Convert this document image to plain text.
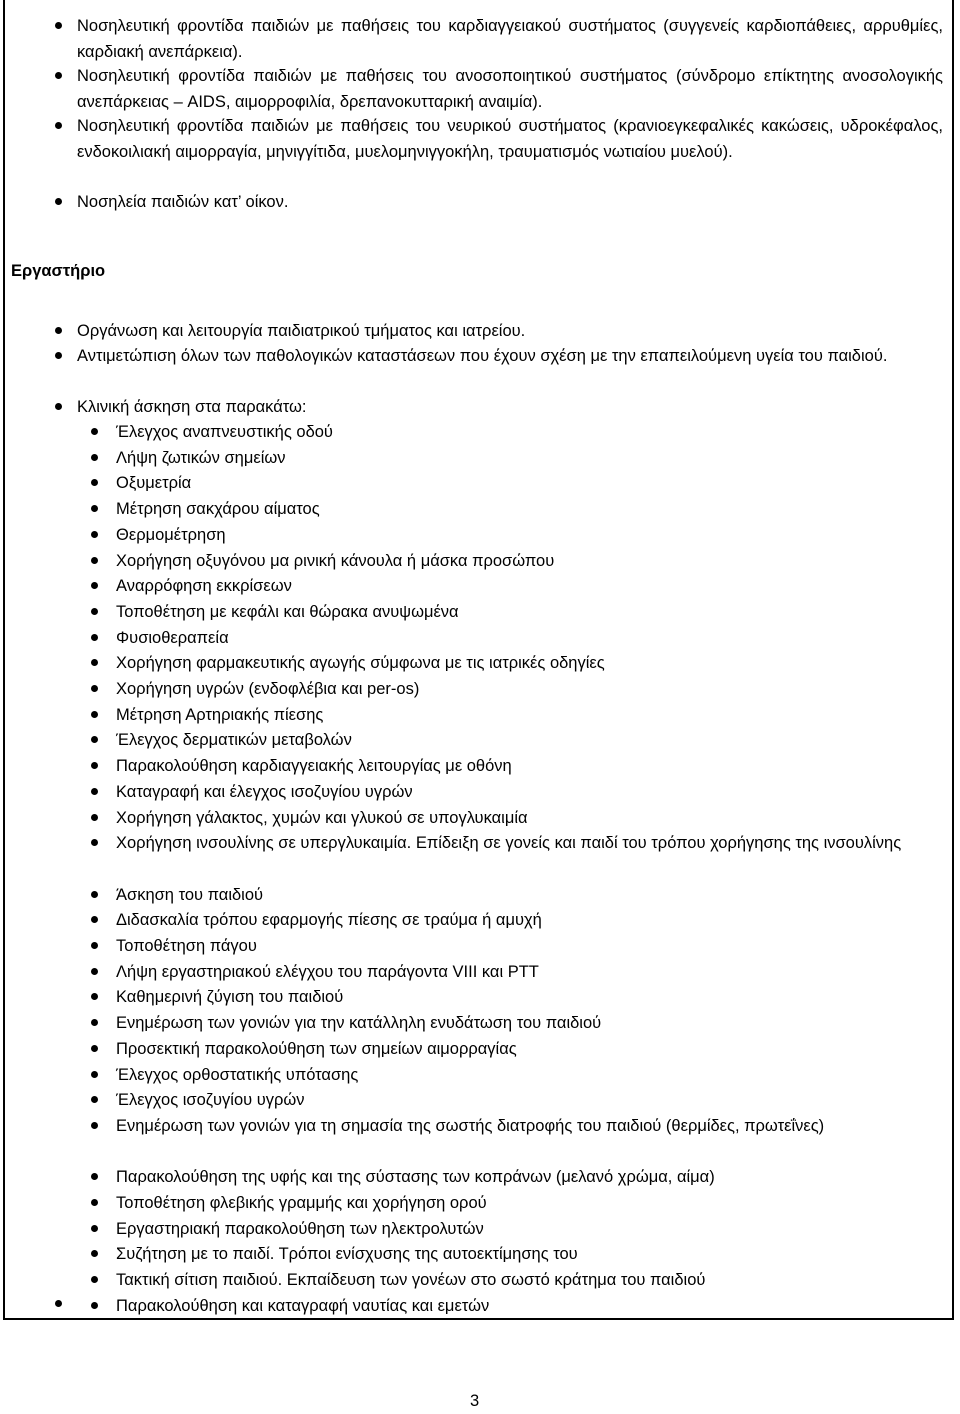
Νοσηλευτική φροντίδα παιδιών με παθήσεις του καρδιαγγειακού συστήματος (συγγενείς καρδιοπάθειες, αρρυθμίες, καρδιακή ανεπάρκεια).
Νοσηλευτική φροντίδα παιδιών με παθήσεις του ανοσοποιητικού συστήματος (σύνδρομο επίκτητης ανοσολογικής ανεπάρκειας – AIDS, αιμορροφιλία, δρεπανοκυτταρική αναιμία).
Νοσηλευτική φροντίδα παιδιών με παθήσεις του νευρικού συστήματος (κρανιοεγκεφαλικές κακώσεις, υδροκέφαλος, ενδοκοιλιακή αιμορραγία, μηνιγγίτιδα, μυελομηνιγγοκήλη, τραυματισμός νωτιαίου μυελού).
Νοσηλεία παιδιών κατ’ οίκον.
Εργαστήριο
Οργάνωση και λειτουργία παιδιατρικού τμήματος και ιατρείου.
Αντιμετώπιση όλων των παθολογικών καταστάσεων που έχουν σχέση με την επαπειλούμενη υγεία του παιδιού.
Κλινική άσκηση στα παρακάτω:
Έλεγχος αναπνευστικής οδού
Λήψη ζωτικών σημείων
Οξυμετρία
Μέτρηση σακχάρου αίματος
Θερμομέτρηση
Χορήγηση οξυγόνου μα ρινική κάνουλα ή μάσκα προσώπου
Αναρρόφηση εκκρίσεων
Τοποθέτηση με κεφάλι και θώρακα ανυψωμένα
Φυσιοθεραπεία
Χορήγηση φαρμακευτικής αγωγής σύμφωνα με τις ιατρικές οδηγίες
Χορήγηση υγρών (ενδοφλέβια και per-os)
Μέτρηση Αρτηριακής πίεσης
Έλεγχος δερματικών μεταβολών
Παρακολούθηση καρδιαγγειακής λειτουργίας με οθόνη
Καταγραφή και έλεγχος ισοζυγίου υγρών
Χορήγηση γάλακτος, χυμών και γλυκού σε υπογλυκαιμία
Χορήγηση ινσουλίνης σε υπεργλυκαιμία. Επίδειξη σε γονείς και παιδί του τρόπου χορήγησης της ινσουλίνης
Άσκηση του παιδιού
Διδασκαλία τρόπου εφαρμογής πίεσης σε τραύμα ή αμυχή
Τοποθέτηση πάγου
Λήψη εργαστηριακού ελέγχου του παράγοντα VIII και PTT
Καθημερινή ζύγιση του παιδιού
Ενημέρωση των γονιών για την κατάλληλη ενυδάτωση του παιδιού
Προσεκτική παρακολούθηση των σημείων αιμορραγίας
Έλεγχος ορθοστατικής υπότασης
Έλεγχος ισοζυγίου υγρών
Ενημέρωση των γονιών για τη σημασία της σωστής διατροφής του παιδιού (θερμίδες, πρωτεΐνες)
Παρακολούθηση της υφής και της σύστασης των κοπράνων (μελανό χρώμα, αίμα)
Τοποθέτηση φλεβικής γραμμής και χορήγηση ορού
Εργαστηριακή παρακολούθηση των ηλεκτρολυτών
Συζήτηση με το παιδί. Τρόποι ενίσχυσης της αυτοεκτίμησης του
Τακτική σίτιση παιδιού. Εκπαίδευση των γονέων στο σωστό κράτημα του παιδιού
Παρακολούθηση και καταγραφή ναυτίας και εμετών
3
